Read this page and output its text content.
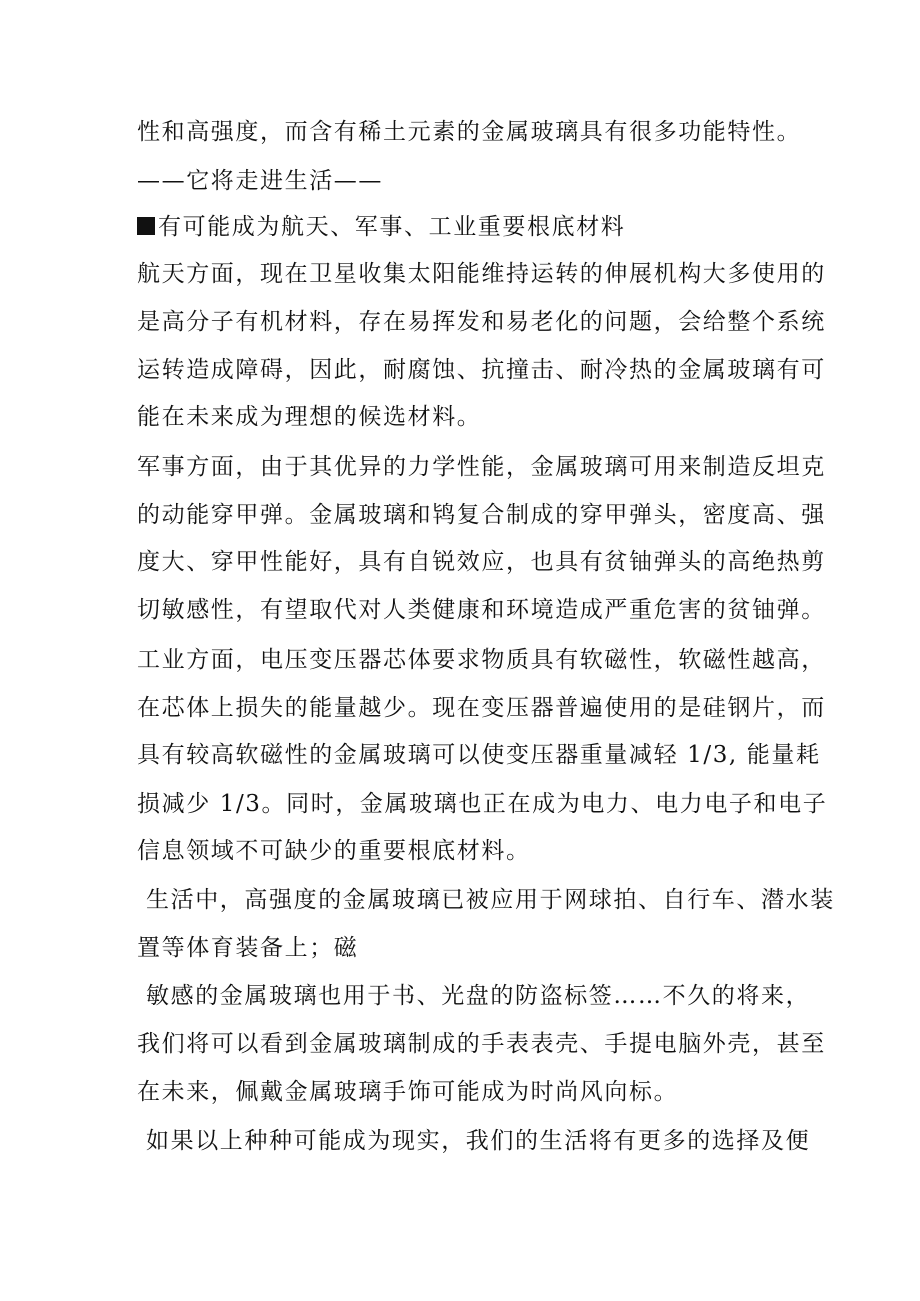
性和高强度，而含有稀土元素的金属玻璃具有很多功能特性。
——它将走进生活——
有可能成为航天、军事、工业重要根底材料
航天方面，现在卫星收集太阳能维持运转的伸展机构大多使用的
是高分子有机材料，存在易挥发和易老化的问题，会给整个系统
运转造成障碍，因此，耐腐蚀、抗撞击、耐冷热的金属玻璃有可
能在未来成为理想的候选材料。
军事方面，由于其优异的力学性能，金属玻璃可用来制造反坦克
的动能穿甲弹。金属玻璃和鸨复合制成的穿甲弹头，密度高、强
度大、穿甲性能好，具有自锐效应，也具有贫铀弹头的高绝热剪
切敏感性，有望取代对人类健康和环境造成严重危害的贫铀弹。
工业方面，电压变压器芯体要求物质具有软磁性，软磁性越高，
在芯体上损失的能量越少。现在变压器普遍使用的是硅钢片，而
具有较高软磁性的金属玻璃可以使变压器重量减轻 1/3, 能量耗
损减少 1/3。同时，金属玻璃也正在成为电力、电力电子和电子
信息领域不可缺少的重要根底材料。
生活中，高强度的金属玻璃已被应用于网球拍、自行车、潜水装
置等体育装备上；磁
敏感的金属玻璃也用于书、光盘的防盗标签……不久的将来，
我们将可以看到金属玻璃制成的手表表壳、手提电脑外壳，甚至
在未来，佩戴金属玻璃手饰可能成为时尚风向标。
如果以上种种可能成为现实，我们的生活将有更多的选择及便
